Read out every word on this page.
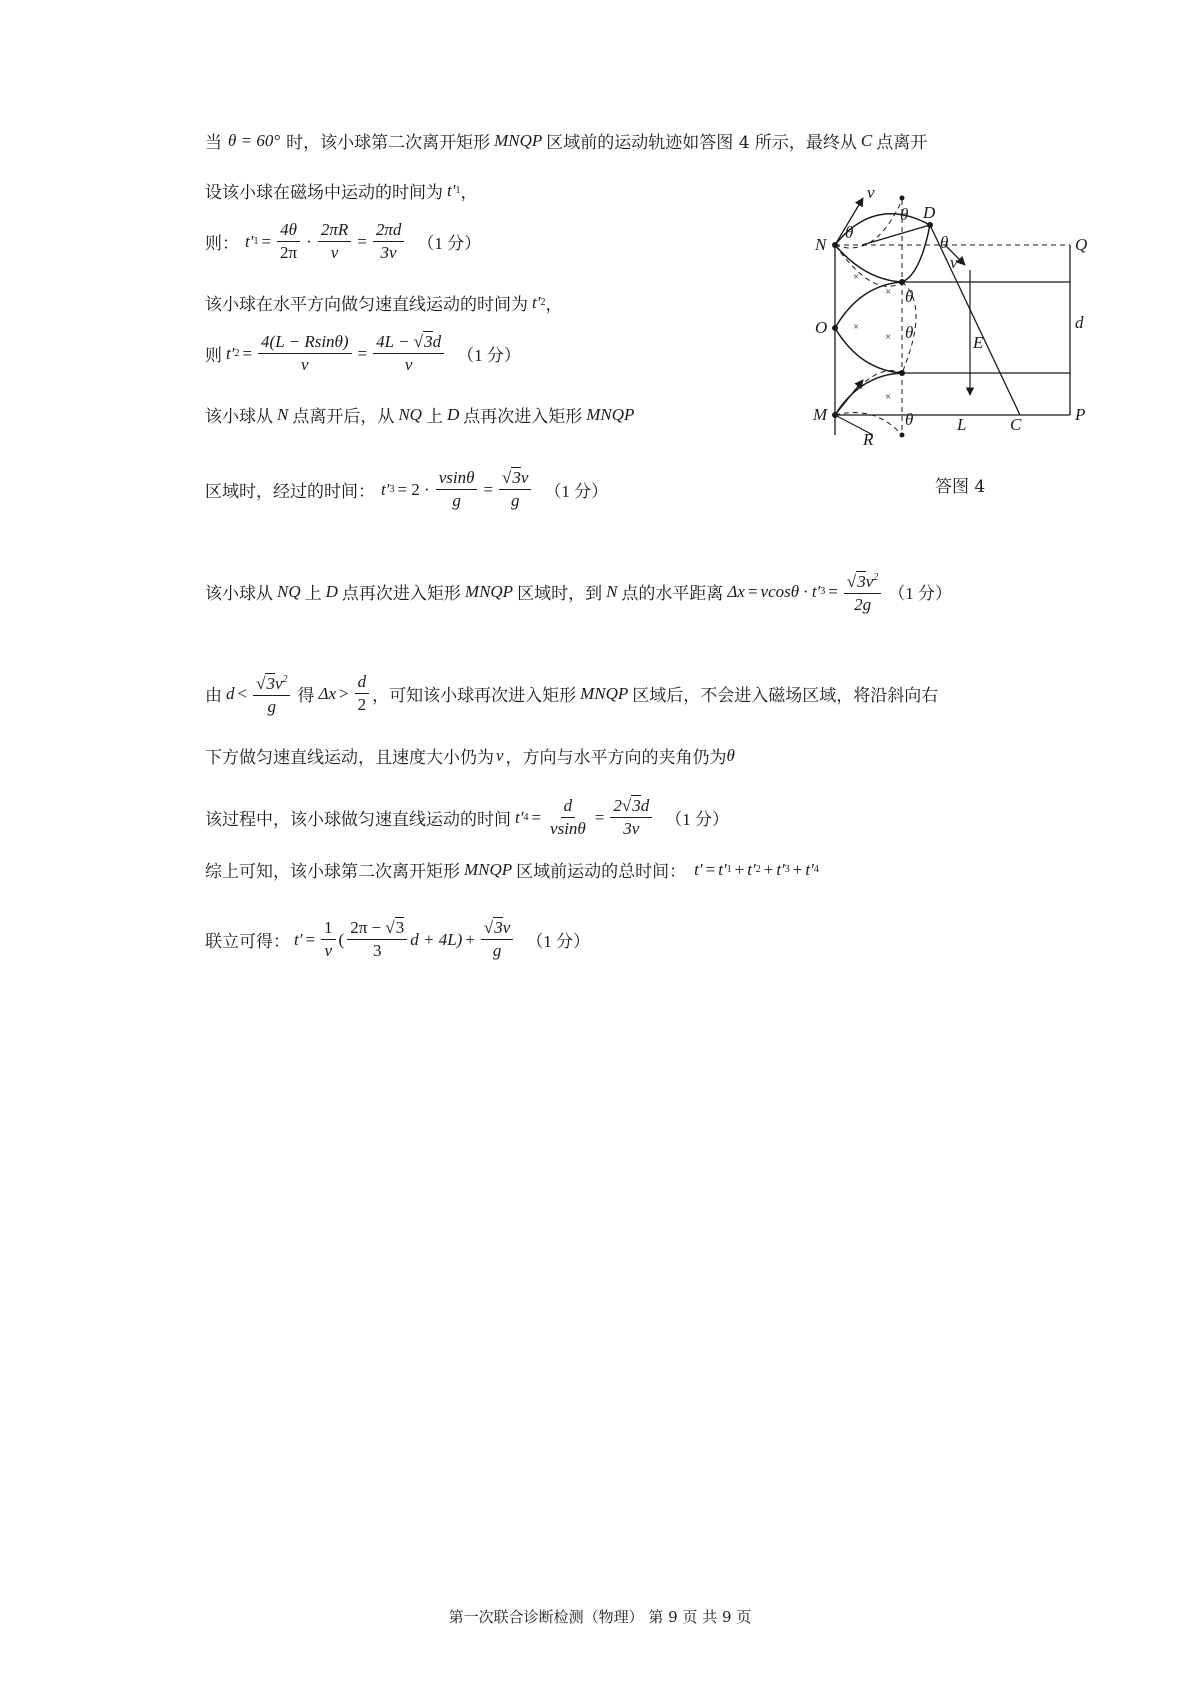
当 θ = 60° 时，该小球第二次离开矩形 MNQP 区域前的运动轨迹如答图 4 所示，最终从 C 点离开
设该小球在磁场中运动的时间为 t′ 1 ，
则： t′ $1 = \frac{4\theta}{2\pi} \cdot \frac{2\pi R}{v} = \frac{2\pi d}{3v} (1$ 分）
该小球在水平方向做匀速直线运动的时间为 t′ 2 ，
则 t′ $2 = \frac{4(L - Rsin\theta)}{v} = \frac{4L - √3d}{v} (1$ 分）
该小球从 N 点离开后，从 NQ 上 D 点再次进入矩形 MNQP
区域时，经过的时间： t′ $3 = 2 \cdot \frac{vsin\theta}{g} = \frac{√3v}{g} (1$ 分）
该小球从 NQ 上 D 点再次进入矩形 MNQP 区域时，到 N 点的水平距离 Δx = vcosθ · t′ $3 = \frac{√3v^2}{2g} (1$ 分）
由 $d < \frac{√3v^2}{g}$ 得 $\Delta x > \frac{d}{2}$ ，可知该小球再次进入矩形 MNQP 区域后，不会进入磁场区域，将沿斜向右
下方做匀速直线运动，且速度大小仍为 v ，方向与水平方向的夹角仍为 θ
该过程中，该小球做匀速直线运动的时间 t′ $4 = \frac{d}{vsin\theta} = \frac{2√3d}{3v} (1$ 分）
综上可知，该小球第二次离开矩形 MNQP 区域前运动的总时间： t′ = t′ 1 + t′ 2 + t′ 3 + t′ 4
联立可得： $t' = \frac{1}{v}$ ( $\frac{2\pi - √3}{3}$ $d + 4L) + \frac{√3v}{g} (1$ 分）
×
×
×
×
×
N
O
M
D
Q
P
C
L
R
E
d
v
v
θ
θ
θ
θ
θ
θ
答图 4
第一次联合诊断检测（物理） 第 9 页 共 9 页
